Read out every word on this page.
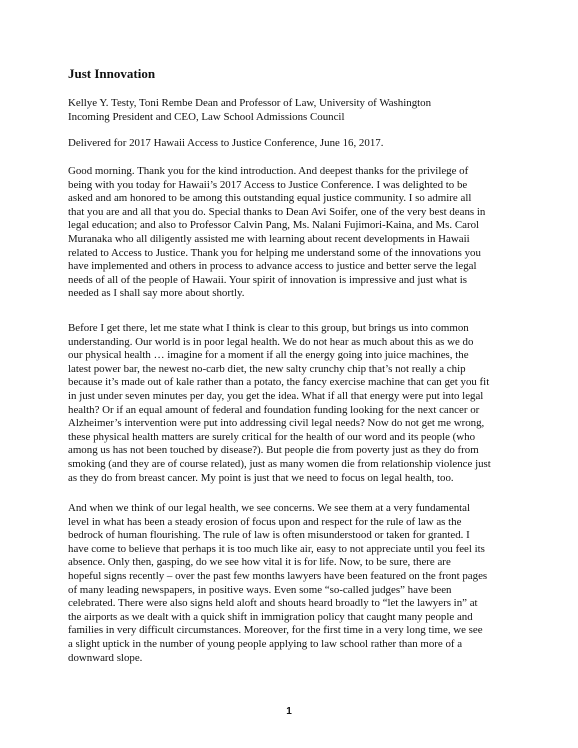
Just Innovation
Kellye Y. Testy, Toni Rembe Dean and Professor of Law, University of Washington
Incoming President and CEO, Law School Admissions Council
Delivered for 2017 Hawaii Access to Justice Conference, June 16, 2017.
Good morning. Thank you for the kind introduction. And deepest thanks for the privilege of
being with you today for Hawaii’s 2017 Access to Justice Conference. I was delighted to be
asked and am honored to be among this outstanding equal justice community. I so admire all
that you are and all that you do. Special thanks to Dean Avi Soifer, one of the very best deans in
legal education; and also to Professor Calvin Pang, Ms. Nalani Fujimori-Kaina, and Ms. Carol
Muranaka who all diligently assisted me with learning about recent developments in Hawaii
related to Access to Justice. Thank you for helping me understand some of the innovations you
have implemented and others in process to advance access to justice and better serve the legal
needs of all of the people of Hawaii. Your spirit of innovation is impressive and just what is
needed as I shall say more about shortly.
Before I get there, let me state what I think is clear to this group, but brings us into common
understanding. Our world is in poor legal health. We do not hear as much about this as we do
our physical health … imagine for a moment if all the energy going into juice machines, the
latest power bar, the newest no-carb diet, the new salty crunchy chip that’s not really a chip
because it’s made out of kale rather than a potato, the fancy exercise machine that can get you fit
in just under seven minutes per day, you get the idea. What if all that energy were put into legal
health? Or if an equal amount of federal and foundation funding looking for the next cancer or
Alzheimer’s intervention were put into addressing civil legal needs? Now do not get me wrong,
these physical health matters are surely critical for the health of our word and its people (who
among us has not been touched by disease?). But people die from poverty just as they do from
smoking (and they are of course related), just as many women die from relationship violence just
as they do from breast cancer. My point is just that we need to focus on legal health, too.
And when we think of our legal health, we see concerns. We see them at a very fundamental
level in what has been a steady erosion of focus upon and respect for the rule of law as the
bedrock of human flourishing. The rule of law is often misunderstood or taken for granted. I
have come to believe that perhaps it is too much like air, easy to not appreciate until you feel its
absence. Only then, gasping, do we see how vital it is for life. Now, to be sure, there are
hopeful signs recently – over the past few months lawyers have been featured on the front pages
of many leading newspapers, in positive ways. Even some “so-called judges” have been
celebrated. There were also signs held aloft and shouts heard broadly to “let the lawyers in” at
the airports as we dealt with a quick shift in immigration policy that caught many people and
families in very difficult circumstances. Moreover, for the first time in a very long time, we see
a slight uptick in the number of young people applying to law school rather than more of a
downward slope.
1
